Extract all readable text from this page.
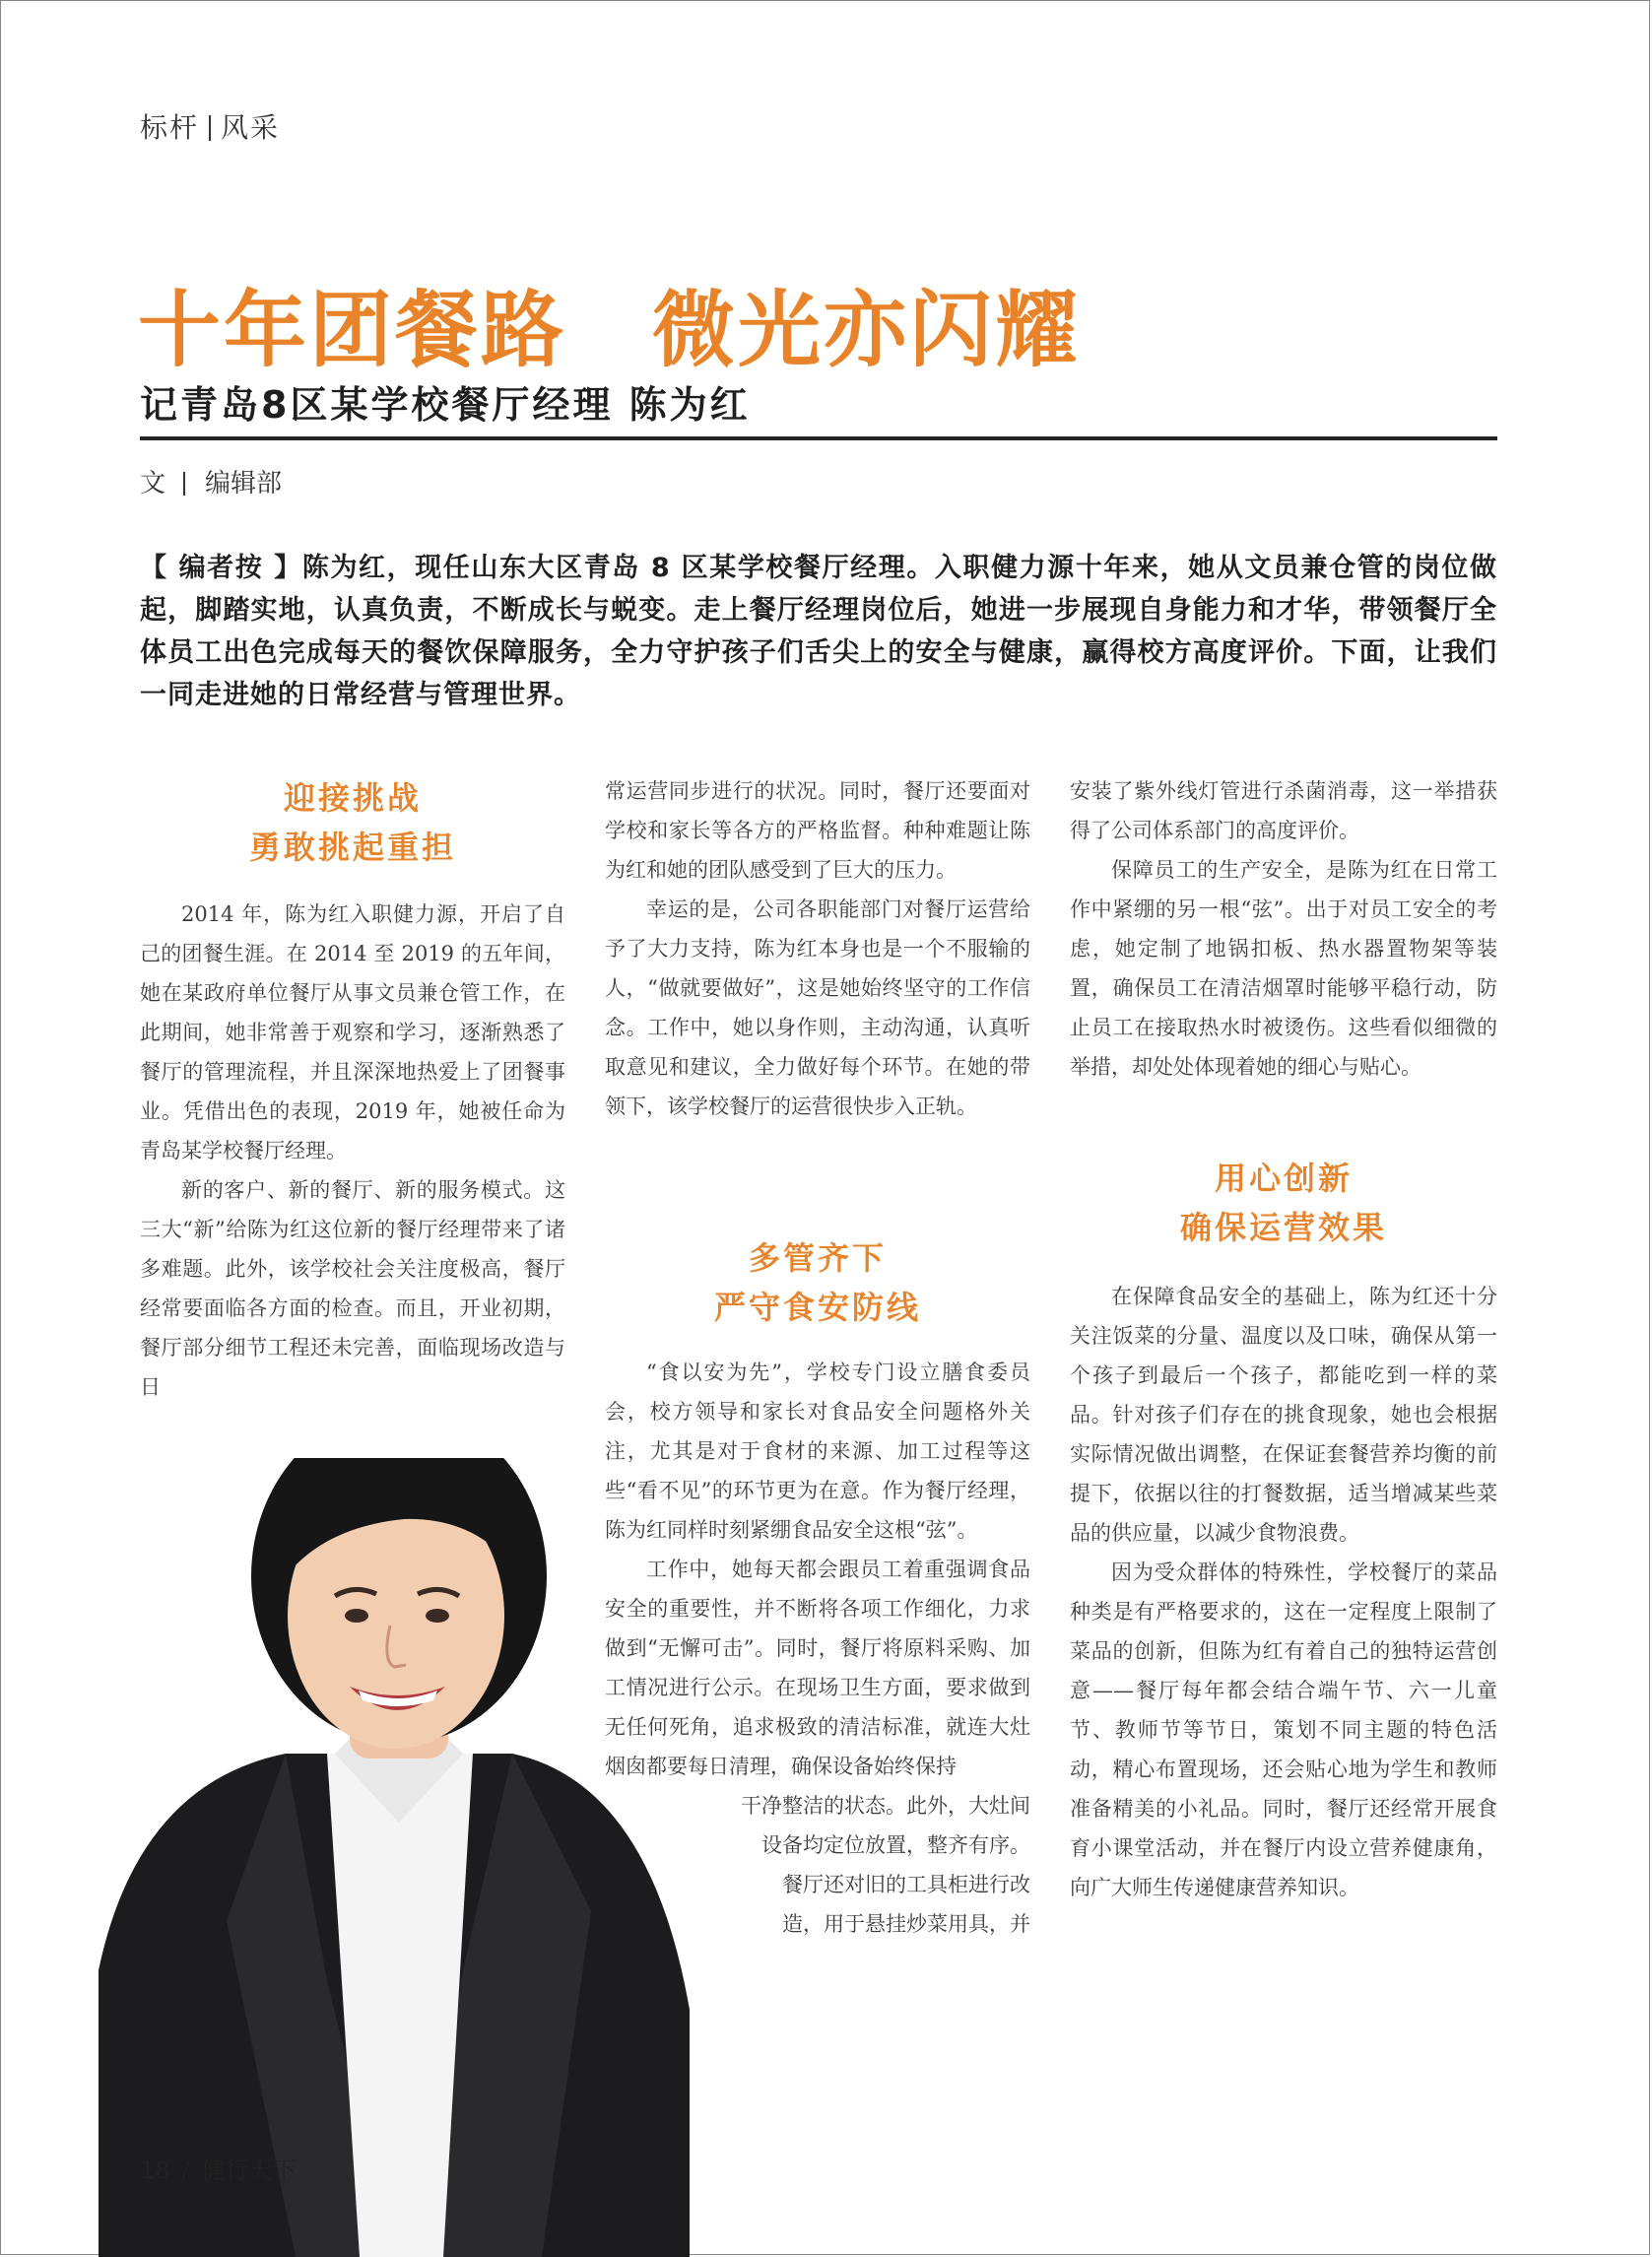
标杆 风采
十年团餐路　微光亦闪耀
记青岛8区某学校餐厅经理 陈为红
文 编辑部
【 编者按 】陈为红，现任山东大区青岛 8 区某学校餐厅经理。入职健力源十年来，她从文员兼仓管的岗位做起，脚踏实地，认真负责，不断成长与蜕变。走上餐厅经理岗位后，她进一步展现自身能力和才华，带领餐厅全体员工出色完成每天的餐饮保障服务，全力守护孩子们舌尖上的安全与健康，赢得校方高度评价。下面，让我们一同走进她的日常经营与管理世界。
迎接挑战
勇敢挑起重担

2014 年，陈为红入职健力源，开启了自己的团餐生涯。在 2014 至 2019 的五年间，她在某政府单位餐厅从事文员兼仓管工作，在此期间，她非常善于观察和学习，逐渐熟悉了餐厅的管理流程，并且深深地热爱上了团餐事业。凭借出色的表现，2019 年，她被任命为青岛某学校餐厅经理。

新的客户、新的餐厅、新的服务模式。这三大“新”给陈为红这位新的餐厅经理带来了诸多难题。此外，该学校社会关注度极高，餐厅经常要面临各方面的检查。而且，开业初期，餐厅部分细节工程还未完善，面临现场改造与日

常运营同步进行的状况。同时，餐厅还要面对学校和家长等各方的严格监督。种种难题让陈为红和她的团队感受到了巨大的压力。

幸运的是，公司各职能部门对餐厅运营给予了大力支持，陈为红本身也是一个不服输的人，“做就要做好”，这是她始终坚守的工作信念。工作中，她以身作则，主动沟通，认真听取意见和建议，全力做好每个环节。在她的带领下，该学校餐厅的运营很快步入正轨。

多管齐下
严守食安防线

“食以安为先”，学校专门设立膳食委员会，校方领导和家长对食品安全问题格外关注，尤其是对于食材的来源、加工过程等这些“看不见”的环节更为在意。作为餐厅经理，陈为红同样时刻紧绷食品安全这根“弦”。

工作中，她每天都会跟员工着重强调食品安全的重要性，并不断将各项工作细化，力求做到“无懈可击”。同时，餐厅将原料采购、加工情况进行公示。在现场卫生方面，要求做到无任何死角，追求极致的清洁标准，就连大灶烟囱都要每日清理，确保设备始终保持

干净整洁的状态。此外，大灶间

设备均定位放置，整齐有序。

餐厅还对旧的工具柜进行改

造，用于悬挂炒菜用具，并

安装了紫外线灯管进行杀菌消毒，这一举措获得了公司体系部门的高度评价。

保障员工的生产安全，是陈为红在日常工作中紧绷的另一根“弦”。出于对员工安全的考虑，她定制了地锅扣板、热水器置物架等装置，确保员工在清洁烟罩时能够平稳行动，防止员工在接取热水时被烫伤。这些看似细微的举措，却处处体现着她的细心与贴心。

用心创新
确保运营效果

在保障食品安全的基础上，陈为红还十分关注饭菜的分量、温度以及口味，确保从第一个孩子到最后一个孩子，都能吃到一样的菜品。针对孩子们存在的挑食现象，她也会根据实际情况做出调整，在保证套餐营养均衡的前提下，依据以往的打餐数据，适当增减某些菜品的供应量，以减少食物浪费。

因为受众群体的特殊性，学校餐厅的菜品种类是有严格要求的，这在一定程度上限制了菜品的创新，但陈为红有着自己的独特运营创意——餐厅每年都会结合端午节、六一儿童节、教师节等节日，策划不同主题的特色活动，精心布置现场，还会贴心地为学生和教师准备精美的小礼品。同时，餐厅还经常开展食育小课堂活动，并在餐厅内设立营养健康角，向广大师生传递健康营养知识。

18 / 健行天下
